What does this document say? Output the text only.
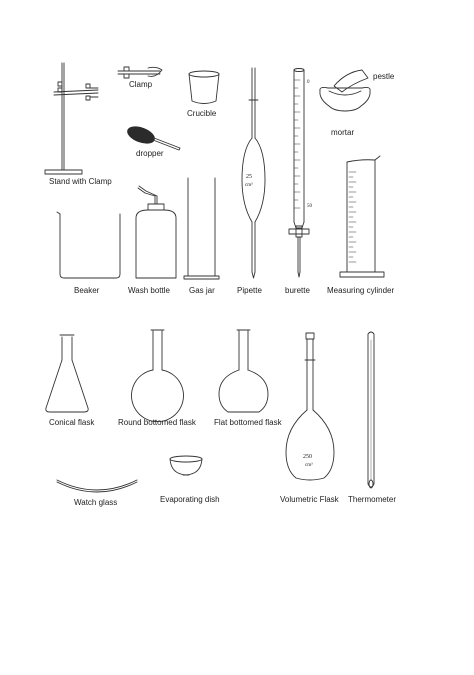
25
cm³
0
50
250
cm³
Stand with Clamp
Clamp
Crucible
dropper
pestle
mortar
Beaker	Wash bottle Gas jar	Pipette	burette Measuring cylinder
Conical flask	Round bottomed flask Flat bottomed flask
Watch glass	Evaporating dish	Volumetric Flask Thermometer
